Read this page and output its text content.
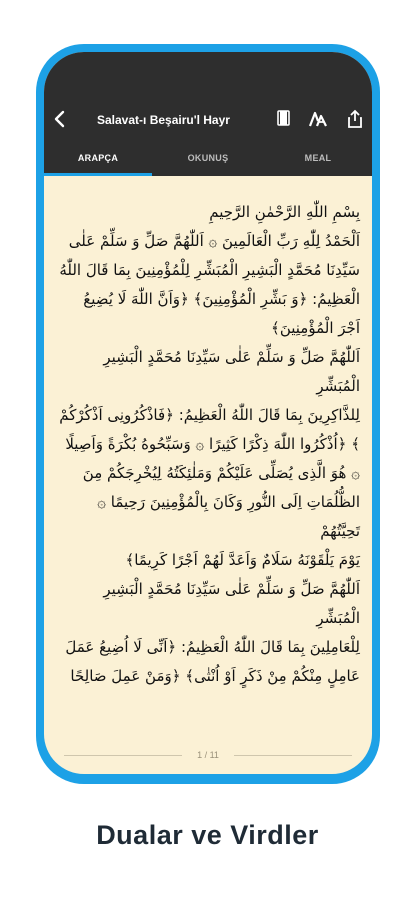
Salavat-ı Beşairu'l Hayr
ARAPÇA	OKUNUŞ	MEAL

بِسْمِ اللّٰهِ الرَّحْمٰنِ الرَّحِيمِ

اَلْحَمْدُ لِلّٰهِ رَبِّ الْعَالَمِينَ ۞ اَللّٰهُمَّ صَلِّ وَ سَلِّمْ عَلٰى

سَيِّدِنَا مُحَمَّدٍ الْبَشِيرِ الْمُبَشِّرِ لِلْمُؤْمِنِينَ بِمَا قَالَ اللّٰهُ

الْعَظِيمُ: ﴿وَ بَشِّرِ الْمُؤْمِنِينَ﴾ ﴿وَاَنَّ اللّٰهَ لَا يُضِيعُ

اَجْرَ الْمُؤْمِنِينَ﴾

اَللّٰهُمَّ صَلِّ وَ سَلِّمْ عَلٰى سَيِّدِنَا مُحَمَّدٍ الْبَشِيرِ الْمُبَشِّرِ

لِلذَّاكِرِينَ بِمَا قَالَ اللّٰهُ الْعَظِيمُ: ﴿فَاذْكُرُونِى اَذْكُرْكُمْ

﴾ ﴿اُذْكُرُوا اللّٰهَ ذِكْرًا كَثِيرًا ۞ وَسَبِّحُوهُ بُكْرَةً وَاَصِيلًا

۞ هُوَ الَّذِى يُصَلِّى عَلَيْكُمْ وَمَلٰئِكَتُهُ لِيُخْرِجَكُمْ مِنَ

الظُّلُمَاتِ اِلَى النُّورِ وَكَانَ بِالْمُؤْمِنِينَ رَحِيمًا ۞ تَحِيَّتُهُمْ

يَوْمَ يَلْقَوْنَهُ سَلَامٌ وَاَعَدَّ لَهُمْ اَجْرًا كَرِيمًا﴾

اَللّٰهُمَّ صَلِّ وَ سَلِّمْ عَلٰى سَيِّدِنَا مُحَمَّدٍ الْبَشِيرِ الْمُبَشِّرِ

لِلْعَامِلِينَ بِمَا قَالَ اللّٰهُ الْعَظِيمُ: ﴿اَنِّى لَا اُضِيعُ عَمَلَ

عَامِلٍ مِنْكُمْ مِنْ ذَكَرٍ اَوْ اُنْثٰى﴾ ﴿وَمَنْ عَمِلَ صَالِحًا

1 / 11
Dualar ve Virdler
